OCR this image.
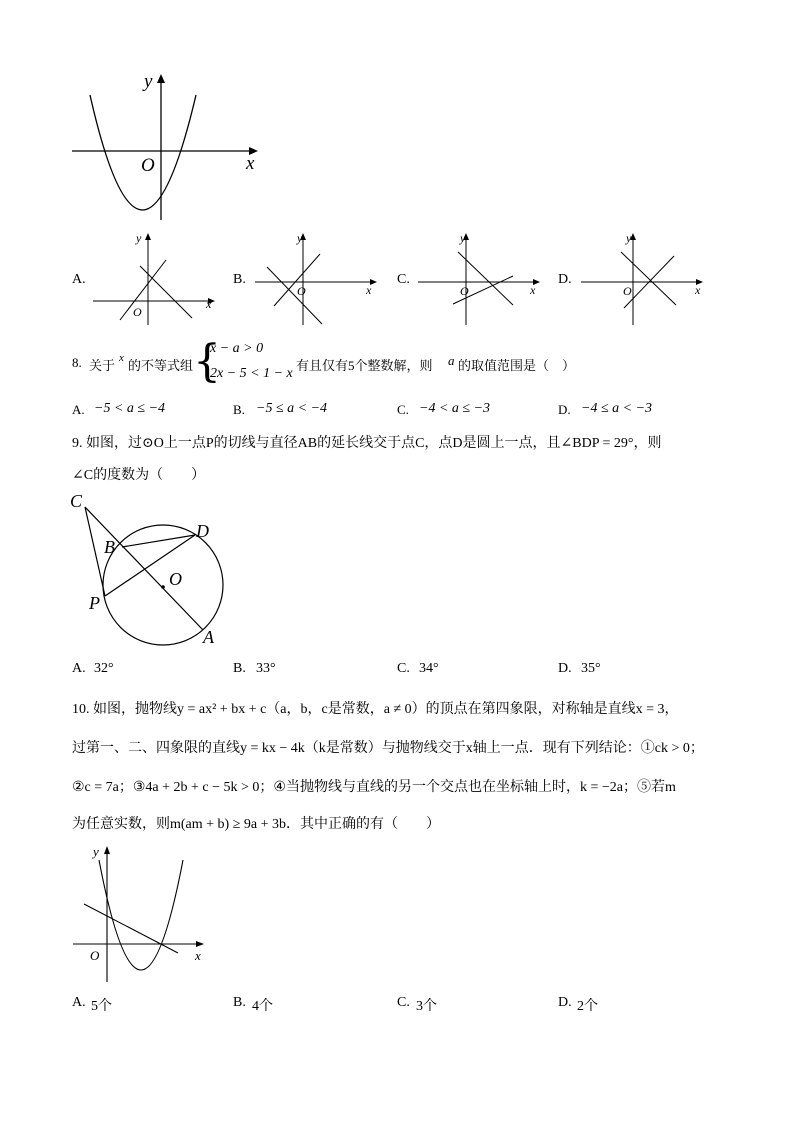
y
x
O
A.
y
x
O
B.
y
x
O
C.
y
x
O
D.
y
x
O
8. 关于 x 的不等式组 {
x − a > 0
2x − 5 < 1 − x
有且仅有5个整数解，则 a 的取值范围是（　）
A. −5 < a ≤ −4	B. −5 ≤ a < −4	C. −4 < a ≤ −3	D. −4 ≤ a < −3
9. 如图，过⊙O上一点P的切线与直径AB的延长线交于点C，点D是圆上一点，且∠BDP = 29°，则
∠C的度数为（　　）
C
D
B
O
P
A
A. 32°	B. 33°	C. 34°	D. 35°
10. 如图，抛物线y = ax² + bx + c（a，b，c是常数，a ≠ 0）的顶点在第四象限，对称轴是直线x = 3，
过第一、二、四象限的直线y = kx − 4k（k是常数）与抛物线交于x轴上一点．现有下列结论：①ck > 0；
②c = 7a；③4a + 2b + c − 5k > 0；④当抛物线与直线的另一个交点也在坐标轴上时，k = −2a；⑤若m
为任意实数，则m(am + b) ≥ 9a + 3b．其中正确的有（　　）
y
x
O
A. 5个	B. 4个	C. 3个	D. 2个
